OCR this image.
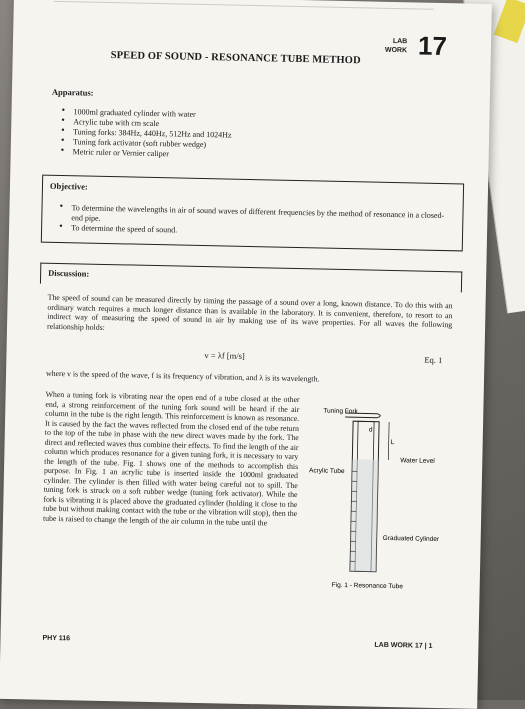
LAB
WORK 17
SPEED OF SOUND - RESONANCE TUBE METHOD
Apparatus:
• 1000ml graduated cylinder with water
• Acrylic tube with cm scale
• Tuning forks: 384Hz, 440Hz, 512Hz and 1024Hz
• Tuning fork activator (soft rubber wedge)
• Metric ruler or Vernier caliper
Objective:
• To determine the wavelengths in air of sound waves of different frequencies by the method of resonance in a closed-end pipe.
• To determine the speed of sound.
Discussion:
The speed of sound can be measured directly by timing the passage of a sound over a long, known distance. To do this with an ordinary watch requires a much longer distance than is available in the laboratory. It is convenient, therefore, to resort to an indirect way of measuring the speed of sound in air by making use of its wave properties. For all waves the following relationship holds:
v = λf [m/s]	Eq. 1
where v is the speed of the wave, f is its frequency of vibration, and λ is its wavelength.
When a tuning fork is vibrating near the open end of a tube closed at the other end, a strong reinforcement of the tuning fork sound will be heard if the air column in the tube is the right length. This reinforcement is known as resonance. It is caused by the fact the waves reflected from the closed end of the tube return to the top of the tube in phase with the new direct waves made by the fork. The direct and reflected waves thus combine their effects. To find the length of the air column which produces resonance for a given tuning fork, it is necessary to vary the length of the tube. Fig. 1 shows one of the methods to accomplish this purpose. In Fig. 1 an acrylic tube is inserted inside the 1000ml graduated cylinder. The cylinder is then filled with water being careful not to spill. The tuning fork is struck on a soft rubber wedge (tuning fork activator). While the fork is vibrating it is placed above the graduated cylinder (holding it close to the tube but without making contact with the tube or the vibration will stop), then the tube is raised to change the length of the air column in the tube until the
L
d
Tuning Fork
Water Level
Acrylic Tube
Graduated Cylinder
Fig. 1 - Resonance Tube
PHY 116
LAB WORK 17 | 1
